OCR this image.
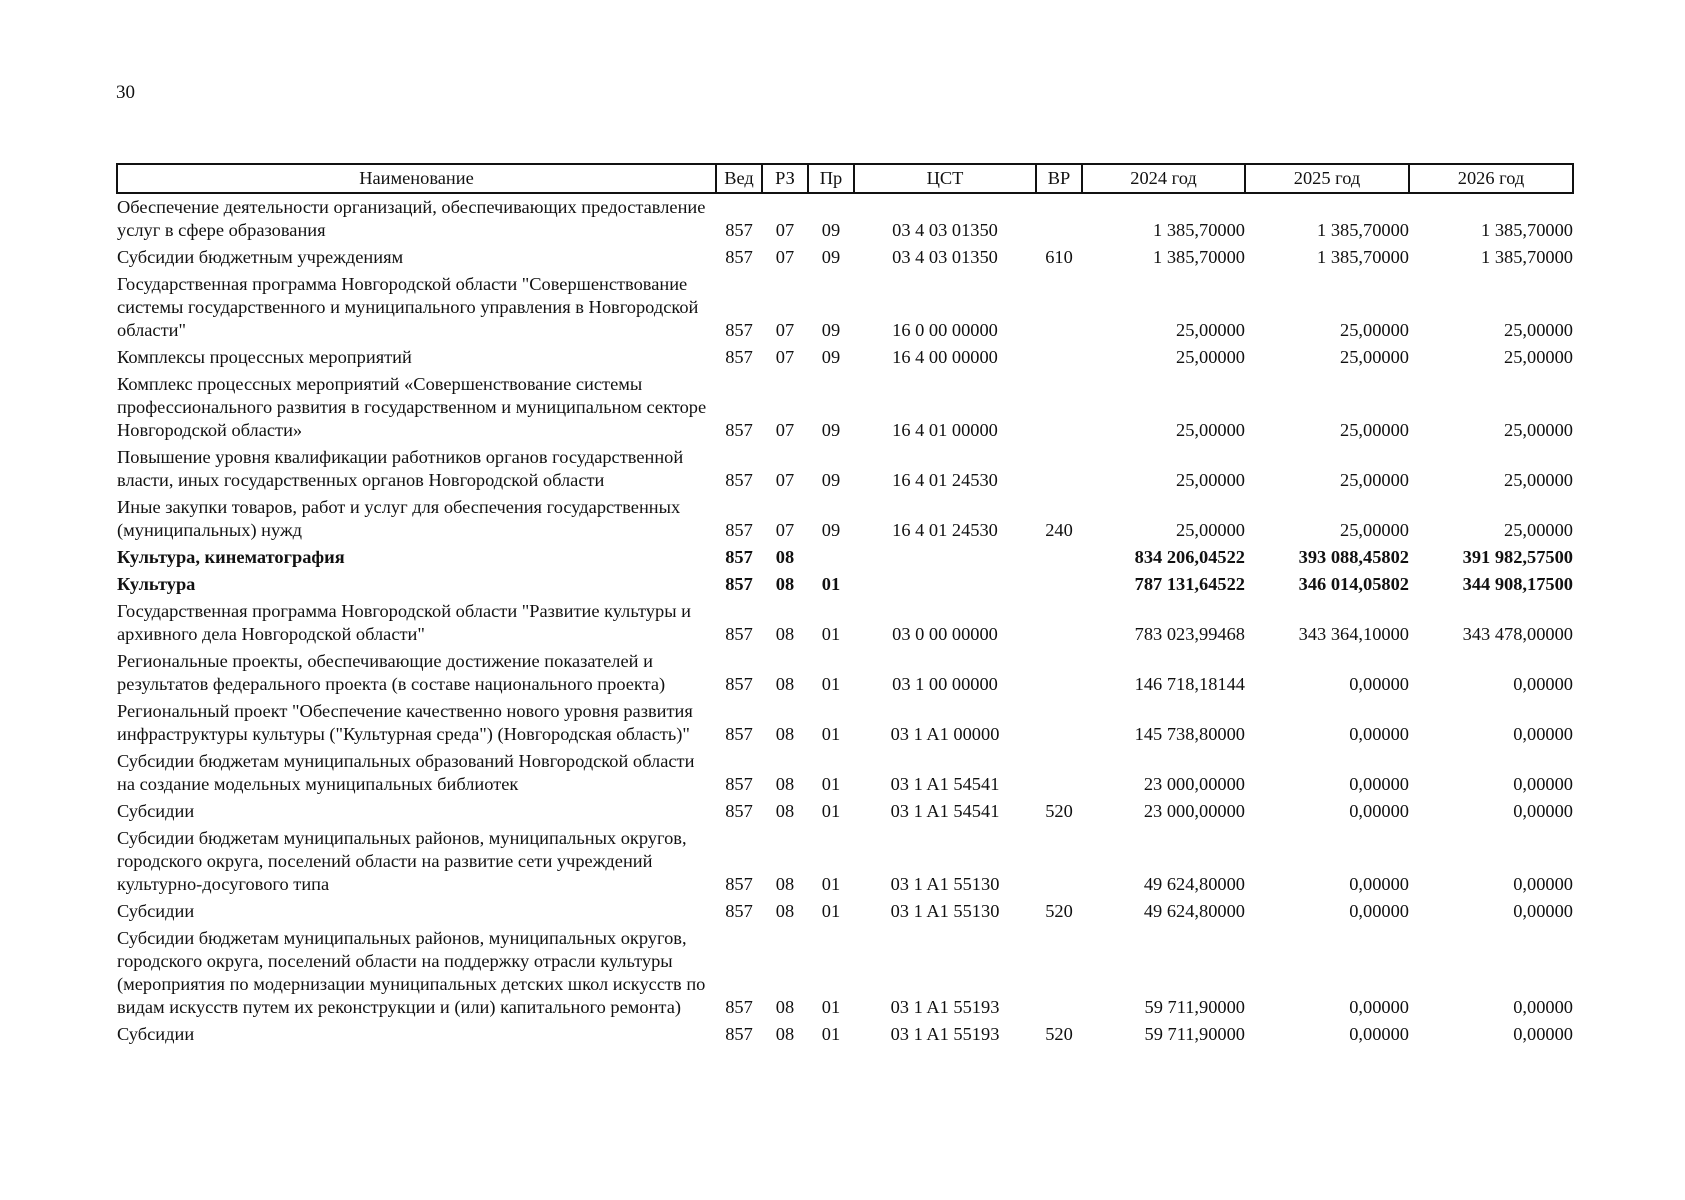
30
Наименование	Вед	РЗ	Пр	ЦСТ	ВР	2024 год	2025 год	2026 год
Обеспечение деятельности организаций, обеспечивающих предоставление услуг в сфере образования	857	07	09	03 4 03 01350		1 385,70000	1 385,70000	1 385,70000
Субсидии бюджетным учреждениям	857	07	09	03 4 03 01350	610	1 385,70000	1 385,70000	1 385,70000
Государственная программа Новгородской области "Совершенствование системы государственного и муниципального управления в Новгородской области"	857	07	09	16 0 00 00000		25,00000	25,00000	25,00000
Комплексы процессных мероприятий	857	07	09	16 4 00 00000		25,00000	25,00000	25,00000
Комплекс процессных мероприятий «Совершенствование системы профессионального развития в государственном и муниципальном секторе Новгородской области»	857	07	09	16 4 01 00000		25,00000	25,00000	25,00000
Повышение уровня квалификации работников органов государственной власти, иных государственных органов Новгородской области	857	07	09	16 4 01 24530		25,00000	25,00000	25,00000
Иные закупки товаров, работ и услуг для обеспечения государственных (муниципальных) нужд	857	07	09	16 4 01 24530	240	25,00000	25,00000	25,00000
Культура, кинематография	857	08				834 206,04522	393 088,45802	391 982,57500
Культура	857	08	01			787 131,64522	346 014,05802	344 908,17500
Государственная программа Новгородской области "Развитие культуры и архивного дела Новгородской области"	857	08	01	03 0 00 00000		783 023,99468	343 364,10000	343 478,00000
Региональные проекты, обеспечивающие достижение показателей и результатов федерального проекта (в составе национального проекта)	857	08	01	03 1 00 00000		146 718,18144	0,00000	0,00000
Региональный проект "Обеспечение качественно нового уровня развития инфраструктуры культуры ("Культурная среда") (Новгородская область)"	857	08	01	03 1 A1 00000		145 738,80000	0,00000	0,00000
Субсидии бюджетам муниципальных образований Новгородской области на создание модельных муниципальных библиотек	857	08	01	03 1 A1 54541		23 000,00000	0,00000	0,00000
Субсидии	857	08	01	03 1 A1 54541	520	23 000,00000	0,00000	0,00000
Субсидии бюджетам муниципальных районов, муниципальных округов, городского округа, поселений области на развитие сети учреждений культурно-досугового типа	857	08	01	03 1 A1 55130		49 624,80000	0,00000	0,00000
Субсидии	857	08	01	03 1 A1 55130	520	49 624,80000	0,00000	0,00000
Субсидии бюджетам муниципальных районов, муниципальных округов, городского округа, поселений области на поддержку отрасли культуры (мероприятия по модернизации муниципальных детских школ искусств по видам искусств путем их реконструкции и (или) капитального ремонта)	857	08	01	03 1 A1 55193		59 711,90000	0,00000	0,00000
Субсидии	857	08	01	03 1 A1 55193	520	59 711,90000	0,00000	0,00000
